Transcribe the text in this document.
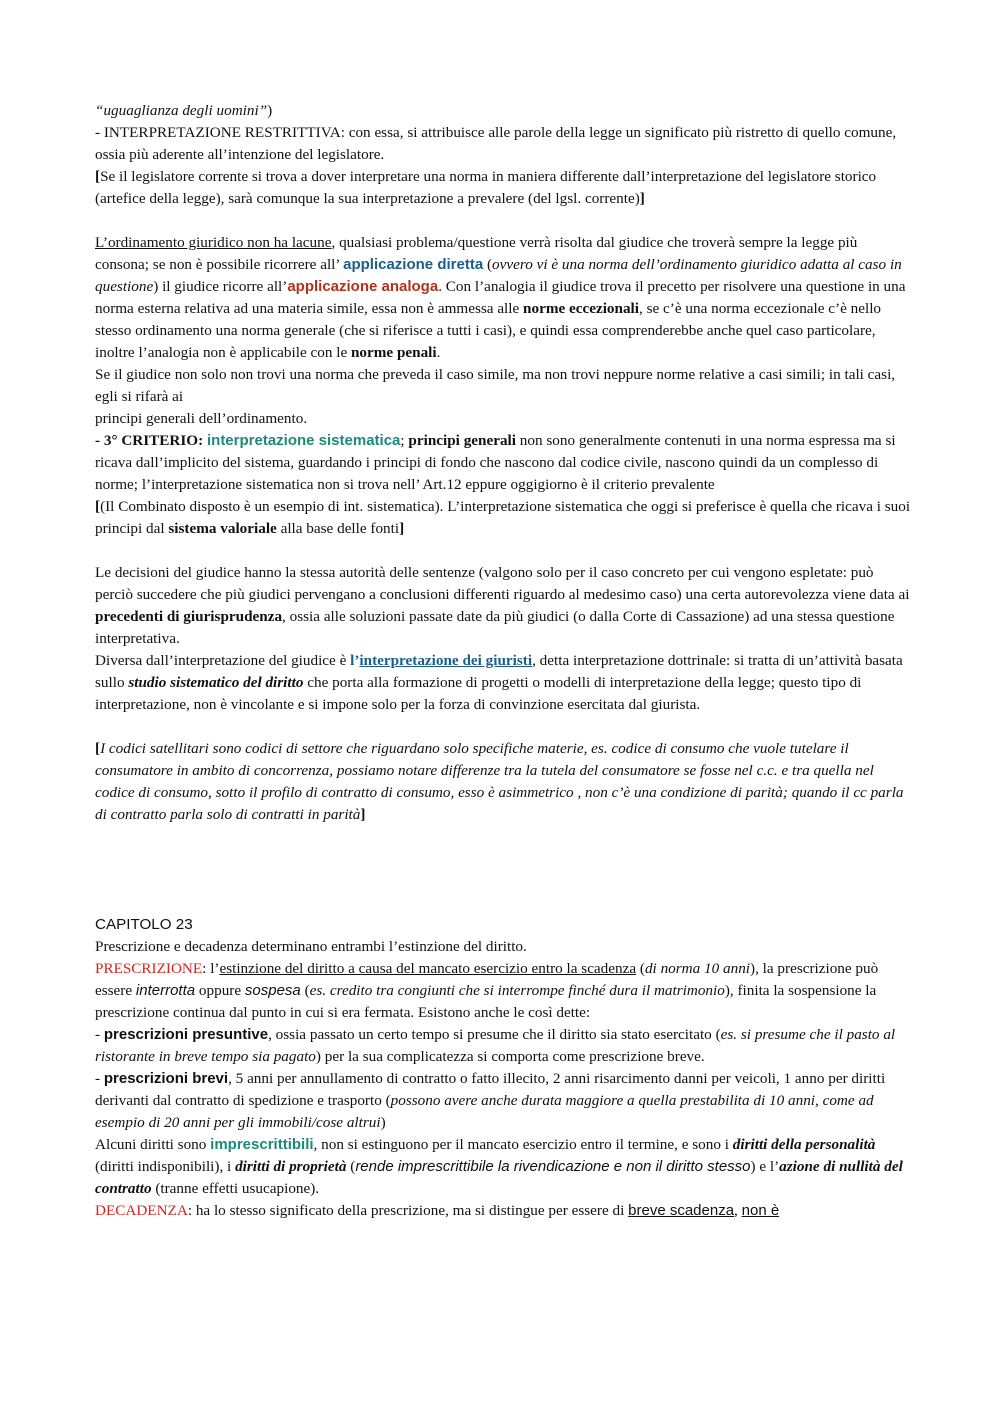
“uguaglianza degli uomini”)

- INTERPRETAZIONE RESTRITTIVA: con essa, si attribuisce alle parole della legge un significato più ristretto di quello comune, ossia più aderente all’intenzione del legislatore.

[Se il legislatore corrente si trova a dover interpretare una norma in maniera differente dall’interpretazione del legislatore storico (artefice della legge), sarà comunque la sua interpretazione a prevalere (del lgsl. corrente)]

L’ordinamento giuridico non ha lacune, qualsiasi problema/questione verrà risolta dal giudice che troverà sempre la legge più consona; se non è possibile ricorrere all’ applicazione diretta (ovvero vi è una norma dell’ordinamento giuridico adatta al caso in questione) il giudice ricorre all’applicazione analoga. Con l’analogia il giudice trova il precetto per risolvere una questione in una norma esterna relativa ad una materia simile, essa non è ammessa alle norme eccezionali, se c’è una norma eccezionale c’è nello stesso ordinamento una norma generale (che si riferisce a tutti i casi), e quindi essa comprenderebbe anche quel caso particolare, inoltre l’analogia non è applicabile con le norme penali.

Se il giudice non solo non trovi una norma che preveda il caso simile, ma non trovi neppure norme relative a casi simili; in tali casi, egli si rifarà ai
principi generali dell’ordinamento.

- 3° CRITERIO: interpretazione sistematica; principi generali non sono generalmente contenuti in una norma espressa ma si ricava dall’implicito del sistema, guardando i principi di fondo che nascono dal codice civile, nascono quindi da un complesso di norme; l’interpretazione sistematica non si trova nell’ Art.12 eppure oggigiorno è il criterio prevalente

[(Il Combinato disposto è un esempio di int. sistematica). L’interpretazione sistematica che oggi si preferisce è quella che ricava i suoi principi dal sistema valoriale alla base delle fonti]

Le decisioni del giudice hanno la stessa autorità delle sentenze (valgono solo per il caso concreto per cui vengono espletate: può perciò succedere che più giudici pervengano a conclusioni differenti riguardo al medesimo caso) una certa autorevolezza viene data ai precedenti di giurisprudenza, ossia alle soluzioni passate date da più giudici (o dalla Corte di Cassazione) ad una stessa questione interpretativa.

Diversa dall’interpretazione del giudice è l’interpretazione dei giuristi, detta interpretazione dottrinale: si tratta di un’attività basata sullo studio sistematico del diritto che porta alla formazione di progetti o modelli di interpretazione della legge; questo tipo di interpretazione, non è vincolante e si impone solo per la forza di convinzione esercitata dal giurista.

[I codici satellitari sono codici di settore che riguardano solo specifiche materie, es. codice di consumo che vuole tutelare il consumatore in ambito di concorrenza, possiamo notare differenze tra la tutela del consumatore se fosse nel c.c. e tra quella nel codice di consumo, sotto il profilo di contratto di consumo, esso è asimmetrico , non c’è una condizione di parità; quando il cc parla di contratto parla solo di contratti in parità]

CAPITOLO 23

Prescrizione e decadenza determinano entrambi l’estinzione del diritto.

PRESCRIZIONE: l’estinzione del diritto a causa del mancato esercizio entro la scadenza (di norma 10 anni), la prescrizione può essere interrotta oppure sospesa (es. credito tra congiunti che si interrompe finché dura il matrimonio), finita la sospensione la prescrizione continua dal punto in cui si era fermata. Esistono anche le così dette:

- prescrizioni presuntive, ossia passato un certo tempo si presume che il diritto sia stato esercitato (es. si presume che il pasto al ristorante in breve tempo sia pagato) per la sua complicatezza si comporta come prescrizione breve.

- prescrizioni brevi, 5 anni per annullamento di contratto o fatto illecito, 2 anni risarcimento danni per veicoli, 1 anno per diritti derivanti dal contratto di spedizione e trasporto (possono avere anche durata maggiore a quella prestabilita di 10 anni, come ad esempio di 20 anni per gli immobili/cose altrui)

Alcuni diritti sono imprescrittibili, non si estinguono per il mancato esercizio entro il termine, e sono i diritti della personalità (diritti indisponibili), i diritti di proprietà (rende imprescrittibile la rivendicazione e non il diritto stesso) e l’azione di nullità del contratto (tranne effetti usucapione).

DECADENZA: ha lo stesso significato della prescrizione, ma si distingue per essere di breve scadenza, non è
